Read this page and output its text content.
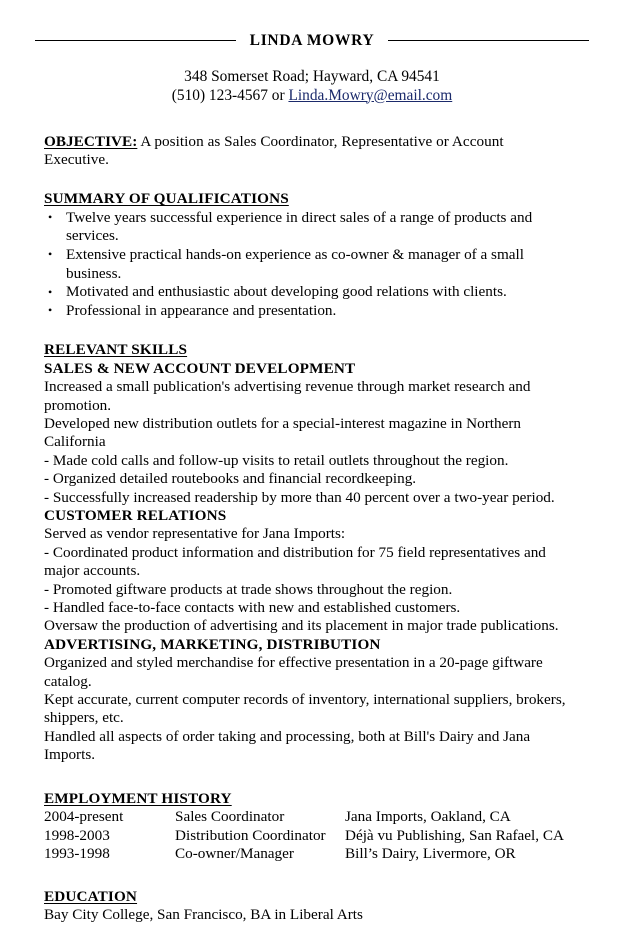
LINDA MOWRY
348 Somerset Road; Hayward, CA 94541
(510) 123-4567 or Linda.Mowry@email.com
OBJECTIVE: A position as Sales Coordinator, Representative or Account Executive.
SUMMARY OF QUALIFICATIONS
• Twelve years successful experience in direct sales of a range of products and services.
• Extensive practical hands-on experience as co-owner & manager of a small business.
• Motivated and enthusiastic about developing good relations with clients.
• Professional in appearance and presentation.
RELEVANT SKILLS
SALES & NEW ACCOUNT DEVELOPMENT

Increased a small publication's advertising revenue through market research and promotion.

Developed new distribution outlets for a special-interest magazine in Northern California

- Made cold calls and follow-up visits to retail outlets throughout the region.

- Organized detailed routebooks and financial recordkeeping.

- Successfully increased readership by more than 40 percent over a two-year period.

CUSTOMER RELATIONS

Served as vendor representative for Jana Imports:

- Coordinated product information and distribution for 75 field representatives and major accounts.

- Promoted giftware products at trade shows throughout the region.

- Handled face-to-face contacts with new and established customers.

Oversaw the production of advertising and its placement in major trade publications.

ADVERTISING, MARKETING, DISTRIBUTION

Organized and styled merchandise for effective presentation in a 20-page giftware catalog.

Kept accurate, current computer records of inventory, international suppliers, brokers, shippers, etc.

Handled all aspects of order taking and processing, both at Bill's Dairy and Jana Imports.

EMPLOYMENT HISTORY
2004-present	Sales Coordinator	Jana Imports, Oakland, CA
1998-2003	Distribution Coordinator	Déjà vu Publishing, San Rafael, CA
1993-1998	Co-owner/Manager	Bill’s Dairy, Livermore, OR
EDUCATION

Bay City College, San Francisco, BA in Liberal Arts
